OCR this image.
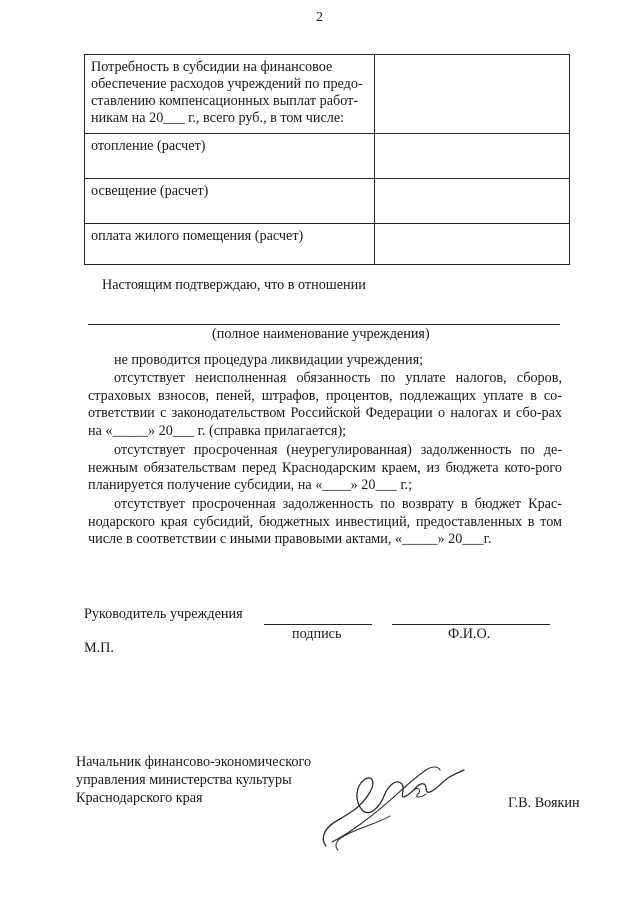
2
Потребность в субсидии на финансовое обеспечение расходов учреждений по предо-ставлению компенсационных выплат работ-никам на 20___ г., всего руб., в том числе:	
отопление (расчет)	
освещение (расчет)	
оплата жилого помещения (расчет)	
Настоящим подтверждаю, что в отношении
(полное наименование учреждения)
не проводится процедура ликвидации учреждения;
отсутствует неисполненная обязанность по уплате налогов, сборов, страховых взносов, пеней, штрафов, процентов, подлежащих уплате в со-ответствии с законодательством Российской Федерации о налогах и сбо-рах на «_____» 20___ г. (справка прилагается);
отсутствует просроченная (неурегулированная) задолженность по де-нежным обязательствам перед Краснодарским краем, из бюджета кото-рого планируется получение субсидии, на «____» 20___ г.;
отсутствует просроченная задолженность по возврату в бюджет Крас-нодарского края субсидий, бюджетных инвестиций, предоставленных в том числе в соответствии с иными правовыми актами, «_____» 20___г.
Руководитель учреждения
подпись	Ф.И.О.
М.П.
Начальник финансово-экономического
управления министерства культуры
Краснодарского края	Г.В. Воякин
